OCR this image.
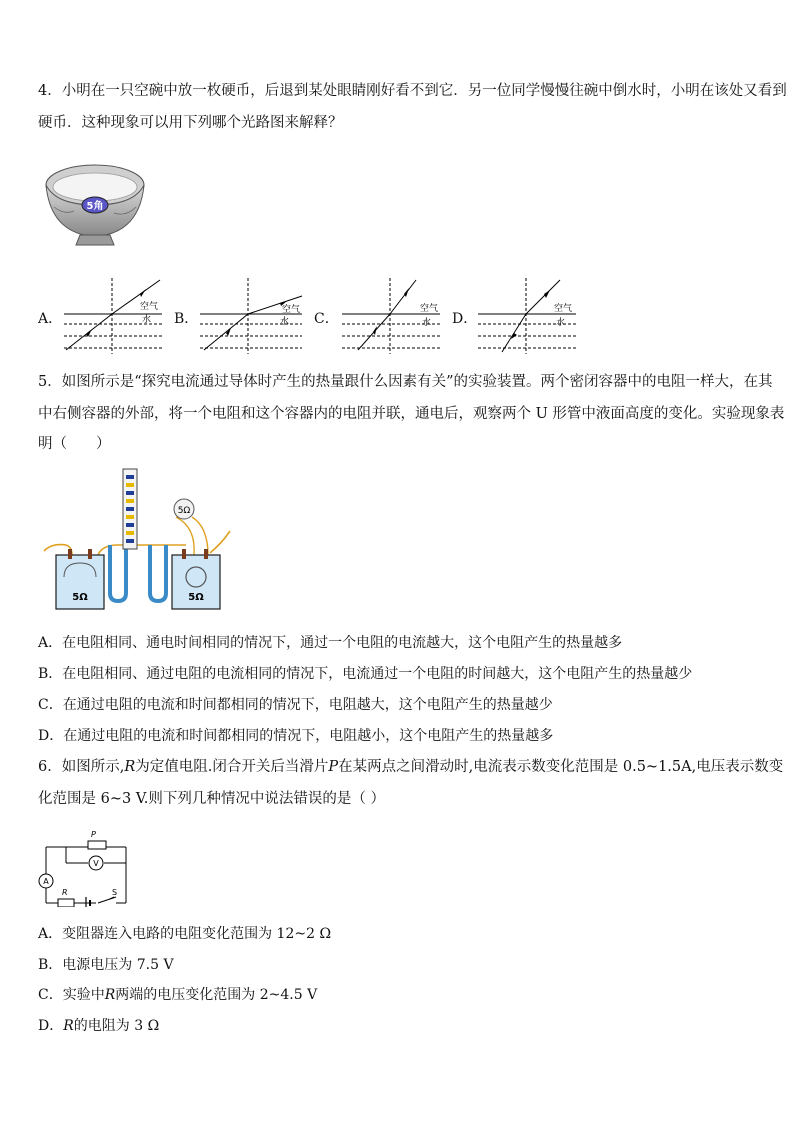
4．小明在一只空碗中放一枚硬币，后退到某处眼睛刚好看不到它．另一位同学慢慢往碗中倒水时，小明在该处又看到
硬币．这种现象可以用下列哪个光路图来解释？
5角
A．
空气
水 B．
空气
水 C．
空气
水 D．
空气
水
5．如图所示是“探究电流通过导体时产生的热量跟什么因素有关”的实验装置。两个密闭容器中的电阻一样大，在其
中右侧容器的外部，将一个电阻和这个容器内的电阻并联，通电后，观察两个 U 形管中液面高度的变化。实验现象表
明（　　）
5Ω
5Ω	5Ω
A．在电阻相同、通电时间相同的情况下，通过一个电阻的电流越大，这个电阻产生的热量越多
B．在电阻相同、通过电阻的电流相同的情况下，电流通过一个电阻的时间越大，这个电阻产生的热量越少
C．在通过电阻的电流和时间都相同的情况下，电阻越大，这个电阻产生的热量越少
D．在通过电阻的电流和时间都相同的情况下，电阻越小，这个电阻产生的热量越多
6．如图所示,R为定值电阻.闭合开关后当滑片P在某两点之间滑动时,电流表示数变化范围是 0.5~1.5A,电压表示数变
化范围是 6~3 V.则下列几种情况中说法错误的是（ ）
P
V
A
R	S
A．变阻器连入电路的电阻变化范围为 12~2 Ω
B．电源电压为 7.5 V
C．实验中R两端的电压变化范围为 2~4.5 V
D．R的电阻为 3 Ω
